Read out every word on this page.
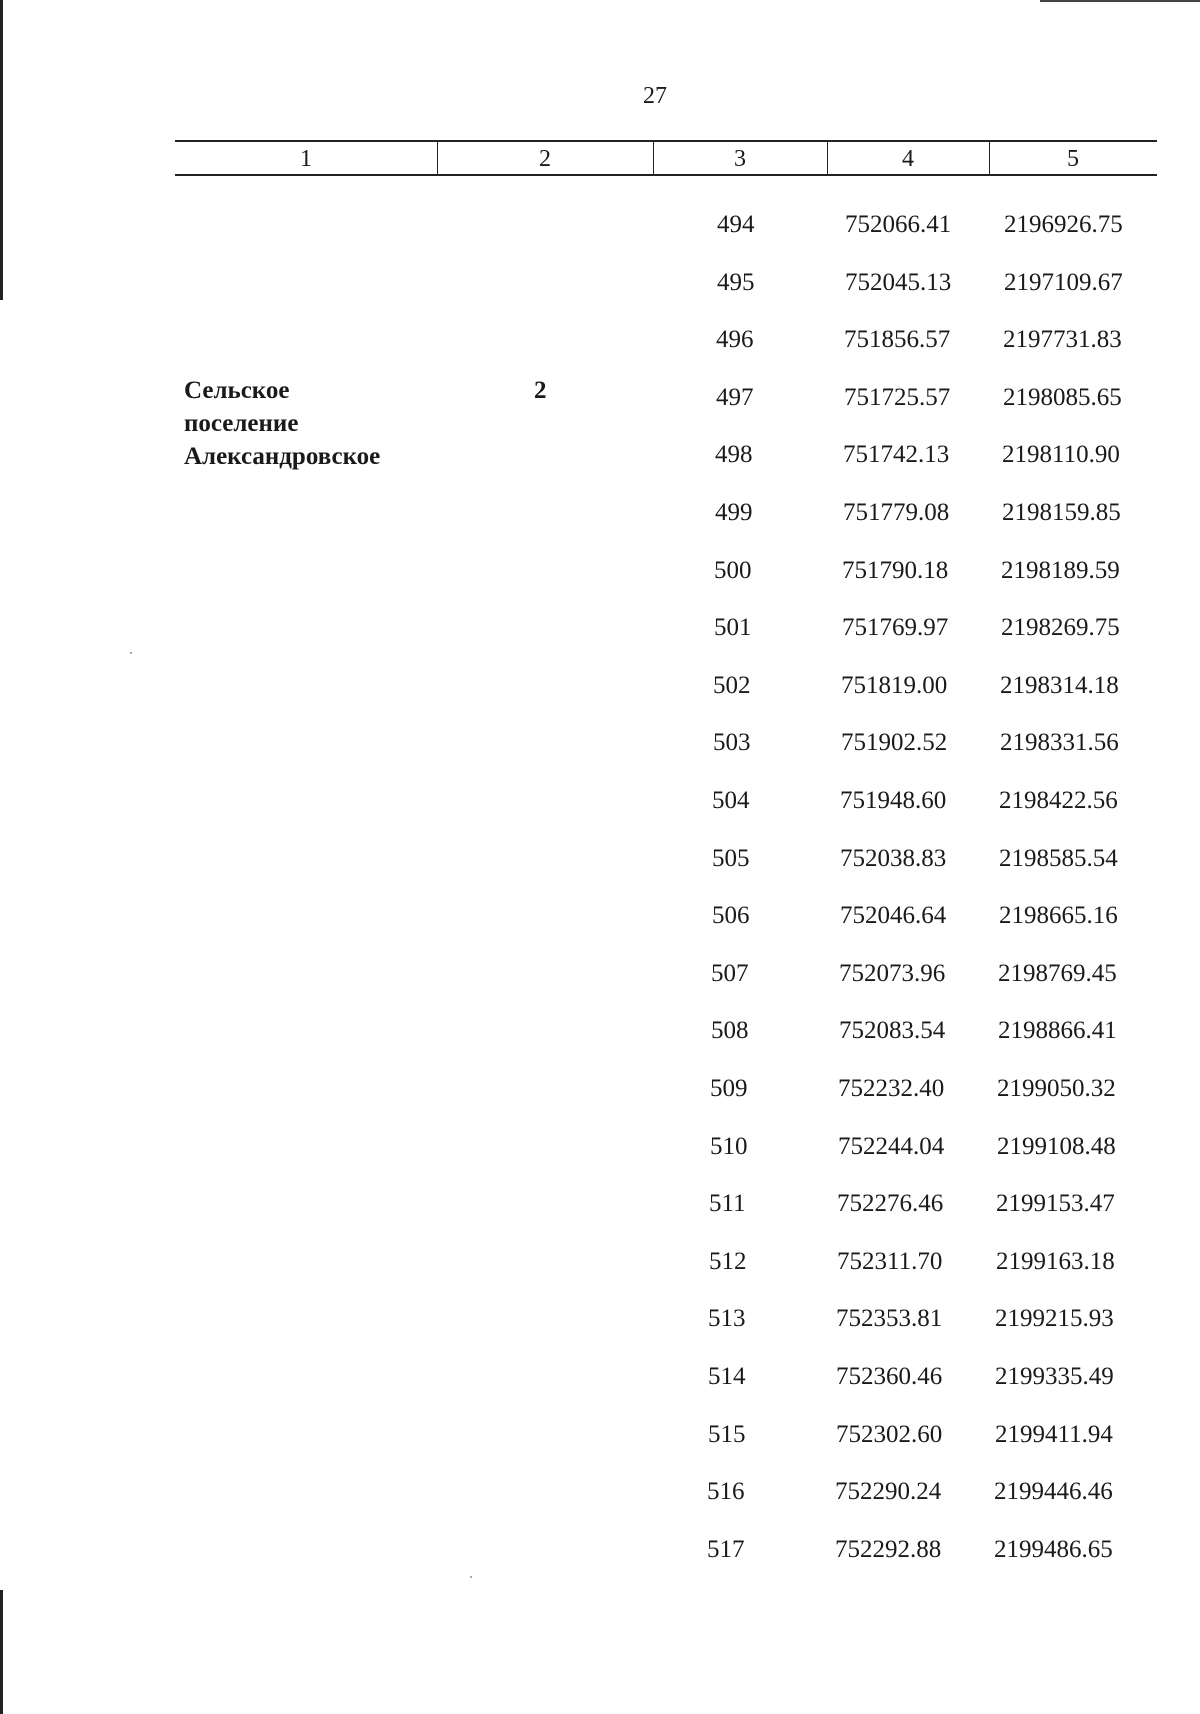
27
1	2	3	4	5
Сельское
поселение
Александровское
2
494	752066.41	2196926.75
495	752045.13	2197109.67
496	751856.57	2197731.83
497	751725.57	2198085.65
498	751742.13	2198110.90
499	751779.08	2198159.85
500	751790.18	2198189.59
501	751769.97	2198269.75
502	751819.00	2198314.18
503	751902.52	2198331.56
504	751948.60	2198422.56
505	752038.83	2198585.54
506	752046.64	2198665.16
507	752073.96	2198769.45
508	752083.54	2198866.41
509	752232.40	2199050.32
510	752244.04	2199108.48
511	752276.46	2199153.47
512	752311.70	2199163.18
513	752353.81	2199215.93
514	752360.46	2199335.49
515	752302.60	2199411.94
516	752290.24	2199446.46
517	752292.88	2199486.65
